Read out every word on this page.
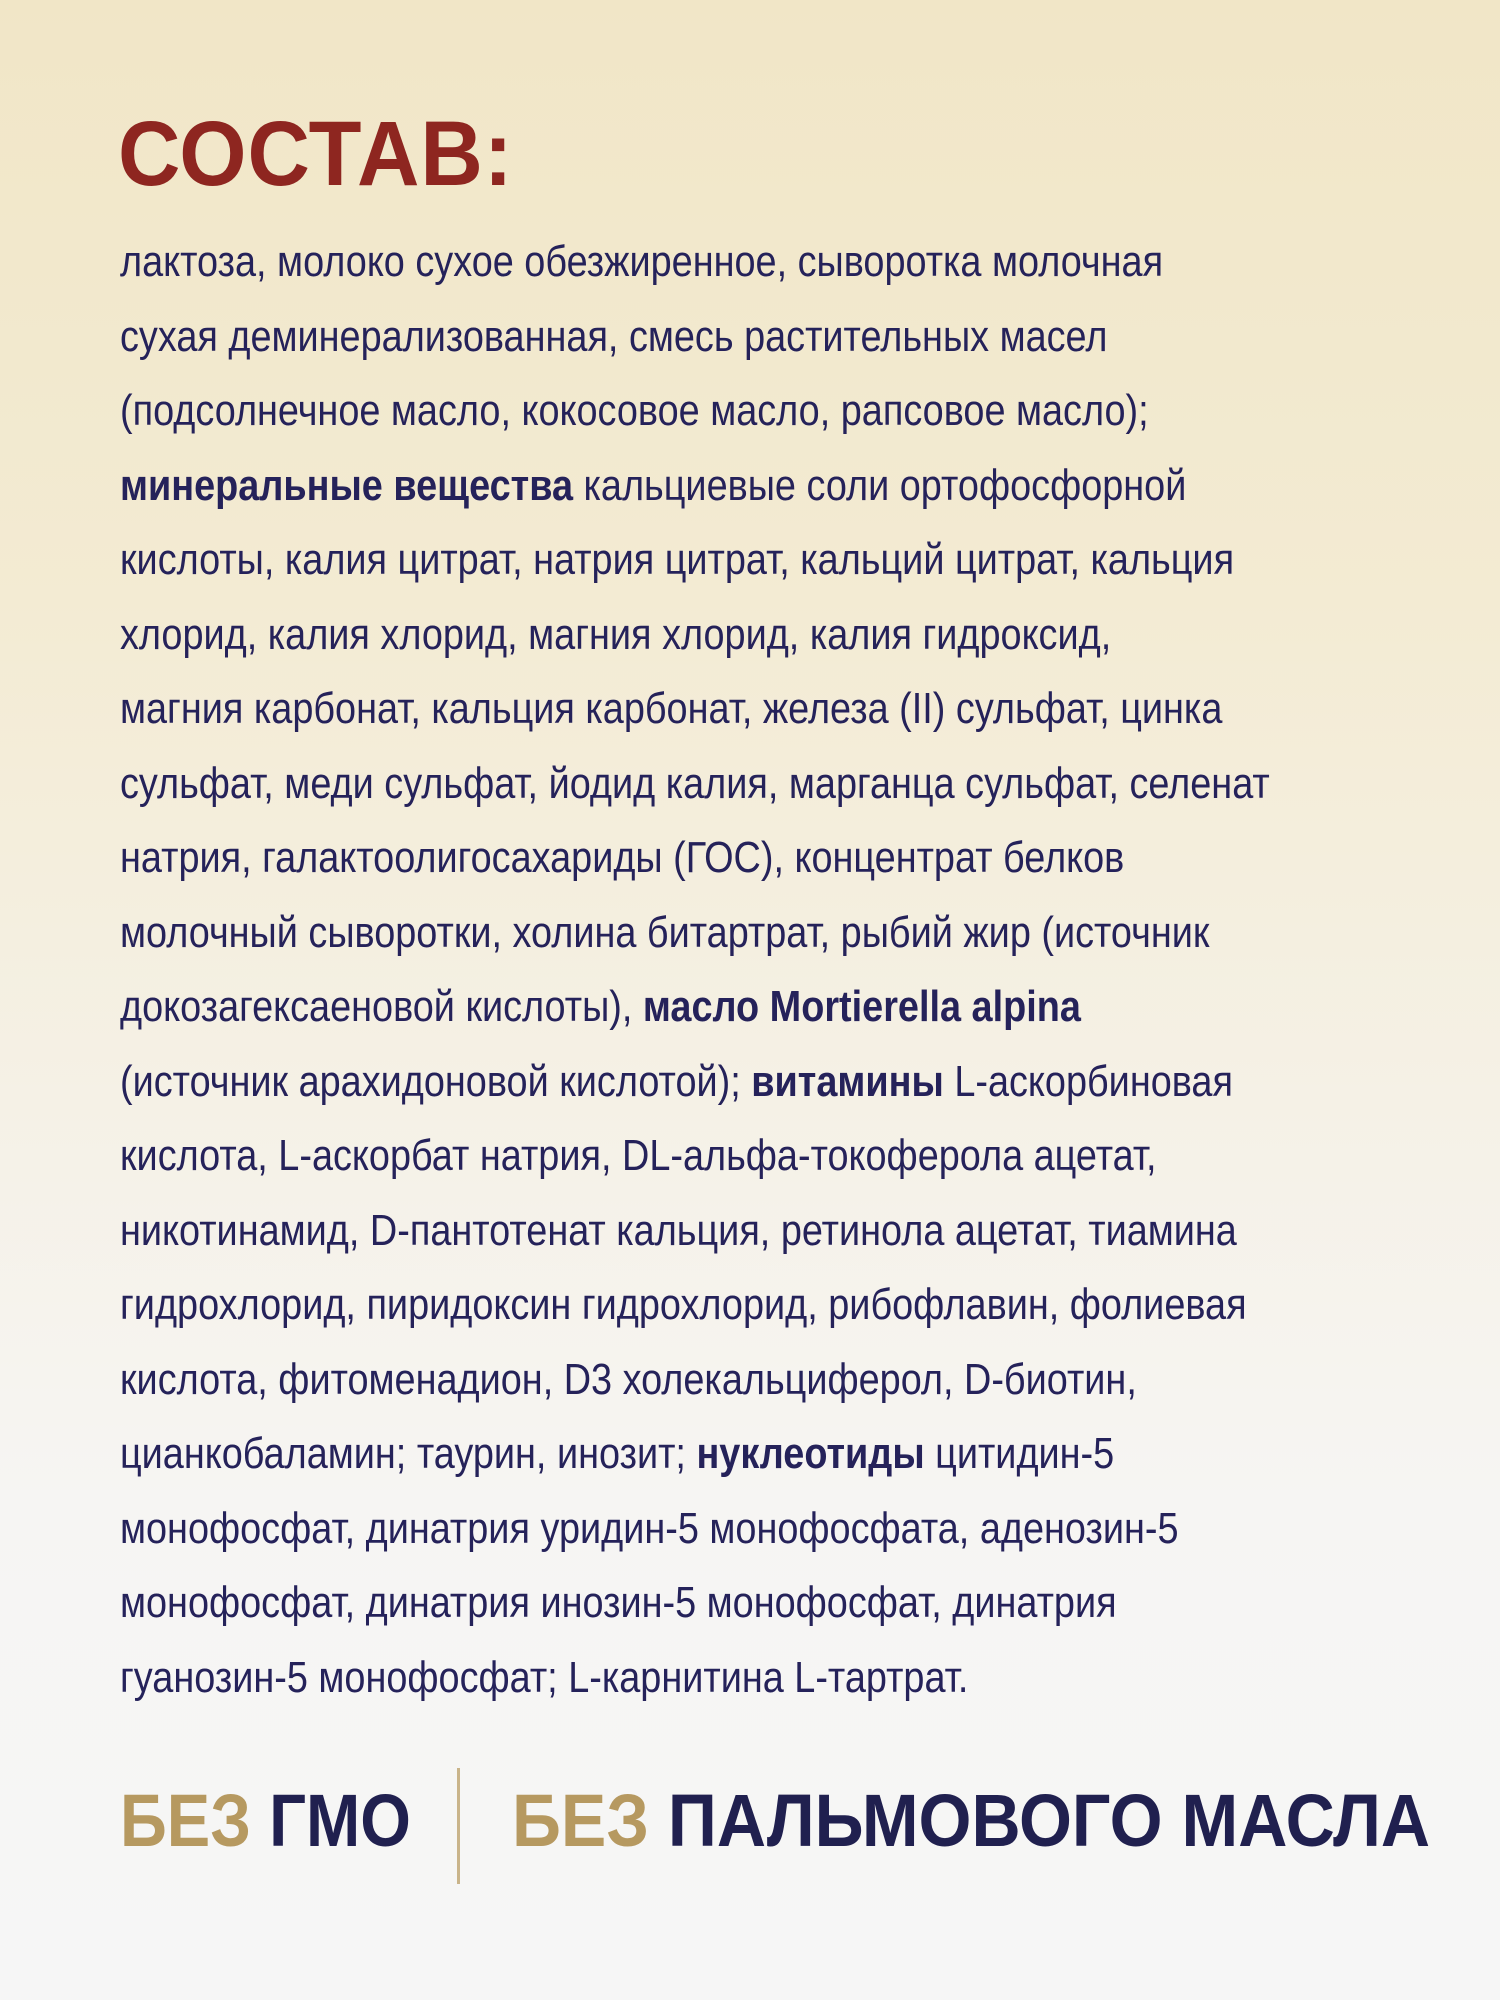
СОСТАВ:
лактоза, молоко сухое обезжиренное, сыворотка молочная
сухая деминерализованная, смесь растительных масел
(подсолнечное масло, кокосовое масло, рапсовое масло);
минеральные вещества кальциевые соли ортофосфорной
кислоты, калия цитрат, натрия цитрат, кальций цитрат, кальция
хлорид, калия хлорид, магния хлорид, калия гидроксид,
магния карбонат, кальция карбонат, железа (II) сульфат, цинка
сульфат, меди сульфат, йодид калия, марганца сульфат, селенат
натрия, галактоолигосахариды (ГОС), концентрат белков
молочный сыворотки, холина битартрат, рыбий жир (источник
докозагексаеновой кислоты), масло Mortierella alpina
(источник арахидоновой кислотой); витамины L-аскорбиновая
кислота, L-аскорбат натрия, DL-альфа-токоферола ацетат,
никотинамид, D-пантотенат кальция, ретинола ацетат, тиамина
гидрохлорид, пиридоксин гидрохлорид, рибофлавин, фолиевая
кислота, фитоменадион, D3 холекальциферол, D-биотин,
цианкобаламин; таурин, инозит; нуклеотиды цитидин-5
монофосфат, динатрия уридин-5 монофосфата, аденозин-5
монофосфат, динатрия инозин-5 монофосфат, динатрия
гуанозин-5 монофосфат; L-карнитина L-тартрат.
БЕЗ ГМО БЕЗ ПАЛЬМОВОГО МАСЛА
